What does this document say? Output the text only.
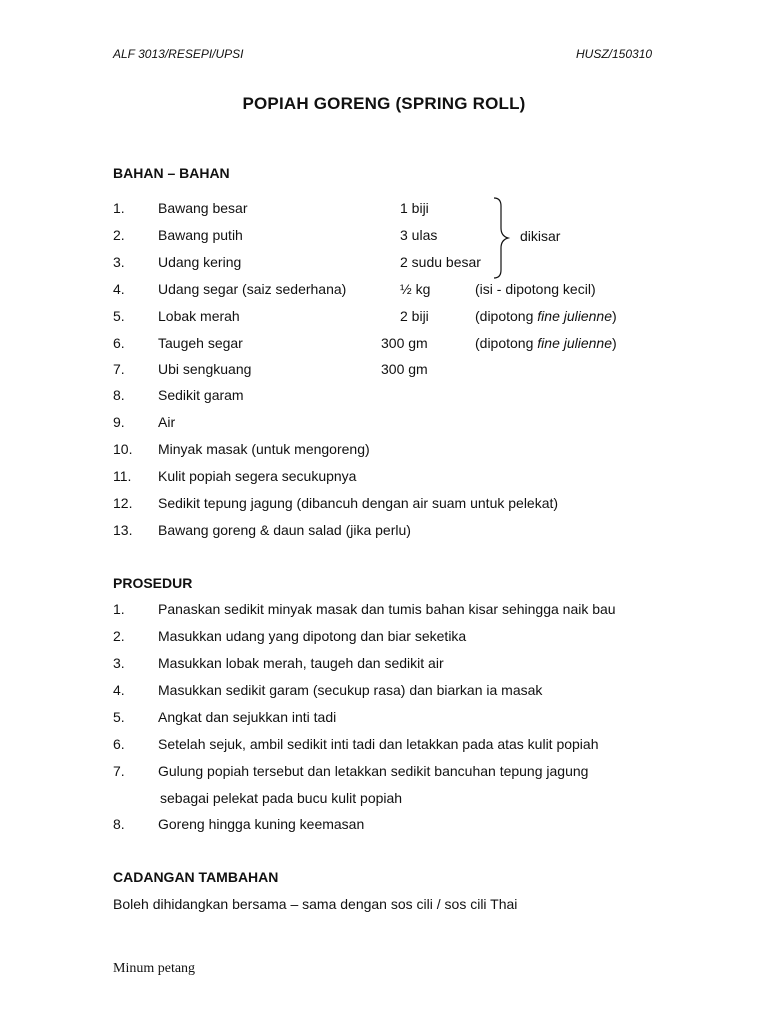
ALF 3013/RESEPI/UPSI	HUSZ/150310
POPIAH GORENG (SPRING ROLL)
BAHAN – BAHAN
1. Bawang besar	1 biji
2. Bawang putih	3 ulas
3. Udang kering	2 sudu besar
4. Udang segar (saiz sederhana)	½ kg	(isi - dipotong kecil)
5. Lobak merah	2 biji	(dipotong fine julienne)
6. Taugeh segar	300 gm	(dipotong fine julienne)
7. Ubi sengkuang	300 gm
8. Sedikit garam
9. Air
10. Minyak masak (untuk mengoreng)
11. Kulit popiah segera secukupnya
12. Sedikit tepung jagung (dibancuh dengan air suam untuk pelekat)
13. Bawang goreng & daun salad (jika perlu)
dikisar
PROSEDUR
1. Panaskan sedikit minyak masak dan tumis bahan kisar sehingga naik bau
2. Masukkan udang yang dipotong dan biar seketika
3. Masukkan lobak merah, taugeh dan sedikit air
4. Masukkan sedikit garam (secukup rasa) dan biarkan ia masak
5. Angkat dan sejukkan inti tadi
6. Setelah sejuk, ambil sedikit inti tadi dan letakkan pada atas kulit popiah
7. Gulung popiah tersebut dan letakkan sedikit bancuhan tepung jagung
sebagai pelekat pada bucu kulit popiah
8. Goreng hingga kuning keemasan
CADANGAN TAMBAHAN
Boleh dihidangkan bersama – sama dengan sos cili / sos cili Thai
Minum petang
